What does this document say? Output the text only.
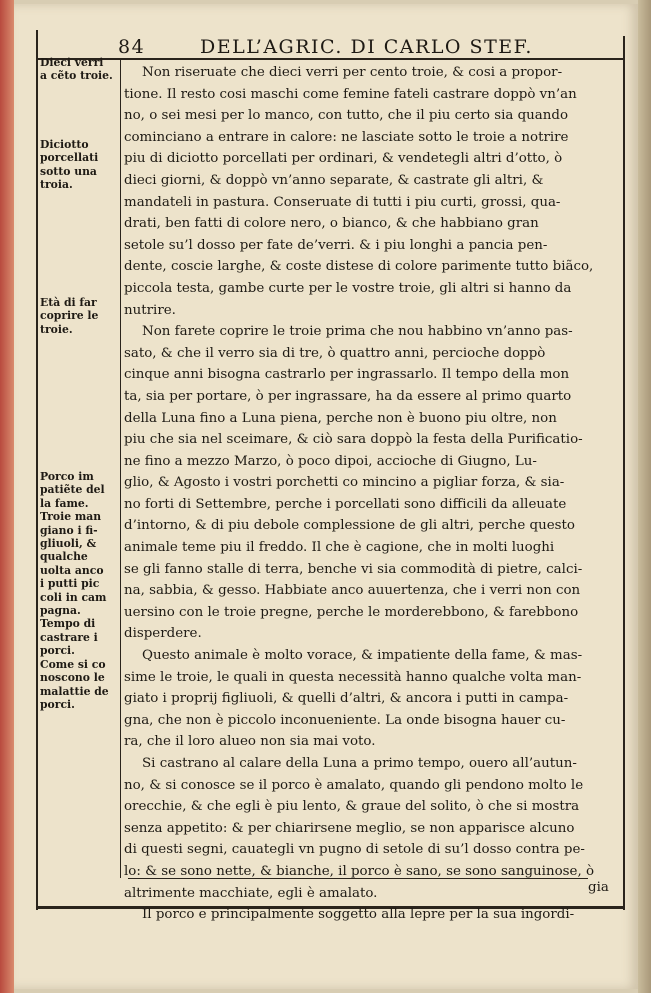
84	DELL’AGRIC. DI CARLO STEF.
Dieci verri
a cẽto troie.
Diciotto
porcellati
sotto una
troia.
Età di far
coprire le
troie.
Porco im
patiẽte del
la fame.
Troie man
giano i fi-
gliuoli, &
qualche
uolta anco
i putti pic
coli in cam
pagna.
Tempo di
castrare i
porci.
Come si co
noscono le
malattie de
porci.
Non riseruate che dieci verri per cento troie, & cosi a propor-
tione. Il resto cosi maschi come femine fateli castrare doppò vn’an
no, o sei mesi per lo manco, con tutto, che il piu certo sia quando
cominciano a entrare in calore: ne lasciate sotto le troie a notrire
piu di diciotto porcellati per ordinari, & vendetegli altri d’otto, ò
dieci giorni, & doppò vn’anno separate, & castrate gli altri, &
mandateli in pastura. Conseruate di tutti i piu curti, grossi, qua-
drati, ben fatti di colore nero, o bianco, & che habbiano gran
setole su’l dosso per fate de’verri. & i piu longhi a pancia pen-
dente, coscie larghe, & coste distese di colore parimente tutto biãco,
piccola testa, gambe curte per le vostre troie, gli altri si hanno da
nutrire.
Non farete coprire le troie prima che nou habbino vn’anno pas-
sato, & che il verro sia di tre, ò quattro anni, percioche doppò
cinque anni bisogna castrarlo per ingrassarlo. Il tempo della mon
ta, sia per portare, ò per ingrassare, ha da essere al primo quarto
della Luna fino a Luna piena, perche non è buono piu oltre, non
piu che sia nel sceimare, & ciò sara doppò la festa della Purificatio-
ne fino a mezzo Marzo, ò poco dipoi, accioche di Giugno, Lu-
glio, & Agosto i vostri porchetti co mincino a pigliar forza, & sia-
no forti di Settembre, perche i porcellati sono difficili da alleuate
d’intorno, & di piu debole complessione de gli altri, perche questo
animale teme piu il freddo. Il che è cagione, che in molti luoghi
se gli fanno stalle di terra, benche vi sia commodità di pietre, calci-
na, sabbia, & gesso. Habbiate anco auuertenza, che i verri non con
uersino con le troie pregne, perche le morderebbono, & farebbono
disperdere.
Questo animale è molto vorace, & impatiente della fame, & mas-
sime le troie, le quali in questa necessità hanno qualche volta man-
giato i proprij figliuoli, & quelli d’altri, & ancora i putti in campa-
gna, che non è piccolo inconueniente. La onde bisogna hauer cu-
ra, che il loro alueo non sia mai voto.
Si castrano al calare della Luna a primo tempo, ouero all’autun-
no, & si conosce se il porco è amalato, quando gli pendono molto le
orecchie, & che egli è piu lento, & graue del solito, ò che si mostra
senza appetito: & per chiarirsene meglio, se non apparisce alcuno
di questi segni, cauategli vn pugno di setole di su’l dosso contra pe-
lo: & se sono nette, & bianche, il porco è sano, se sono sanguinose, ò
altrimente macchiate, egli è amalato.
Il porco e principalmente soggetto alla lepre per la sua ingordi-
gia
